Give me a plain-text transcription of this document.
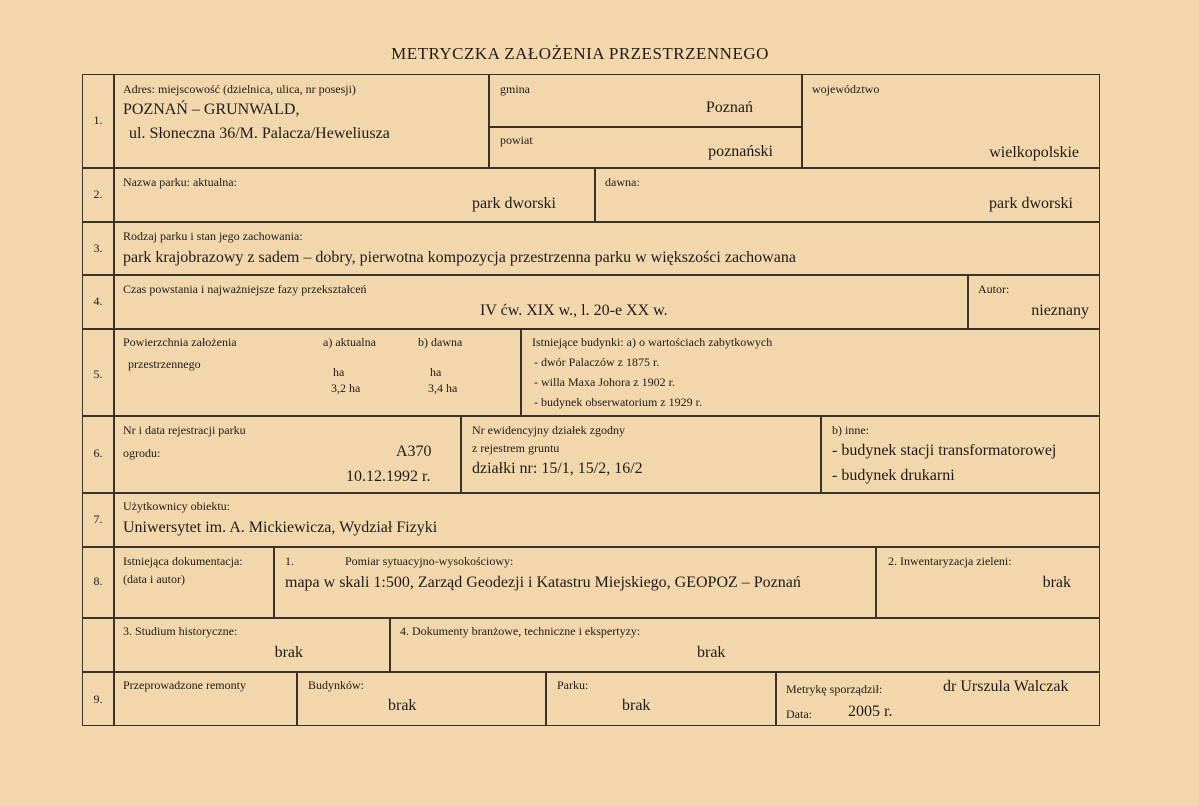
METRYCZKA ZAŁOŻENIA PRZESTRZENNEGO
1.
Adres: miejscowość (dzielnica, ulica, nr posesji)
POZNAŃ – GRUNWALD,
ul. Słoneczna 36/M. Palacza/Heweliusza
gmina
Poznań
powiat
poznański
województwo
wielkopolskie
2.
Nazwa parku: aktualna:
park dworski
dawna:
park dworski
3.
Rodzaj parku i stan jego zachowania:
park krajobrazowy z sadem – dobry, pierwotna kompozycja przestrzenna parku w większości zachowana
4.
Czas powstania i najważniejsze fazy przekształceń
IV ćw. XIX w., l. 20-e XX w.
Autor:
nieznany
5.
Powierzchnia założenia
przestrzennego
a) aktualna
ha
3,2 ha
b) dawna
ha
3,4 ha
Istniejące budynki: a) o wartościach zabytkowych
- dwór Palaczów z 1875 r.
- willa Maxa Johora z 1902 r.
- budynek obserwatorium z 1929 r.
6.
Nr i data rejestracji parku
ogrodu:	A370
10.12.1992 r.
Nr ewidencyjny działek zgodny
z rejestrem gruntu
działki nr: 15/1, 15/2, 16/2
b) inne:
- budynek stacji transformatorowej
- budynek drukarni
7.
Użytkownicy obiektu:
Uniwersytet im. A. Mickiewicza, Wydział Fizyki
8.
Istniejąca dokumentacja:
(data i autor)
1.	Pomiar sytuacyjno-wysokościowy:
mapa w skali 1:500, Zarząd Geodezji i Katastru Miejskiego, GEOPOZ – Poznań
2. Inwentaryzacja zieleni:
brak
3. Studium historyczne:
brak
4. Dokumenty branżowe, techniczne i ekspertyzy:
brak
9.
Przeprowadzone remonty	Budynków:
brak
Parku:
brak
Metrykę sporządził:	dr Urszula Walczak
Data: 2005 r.
